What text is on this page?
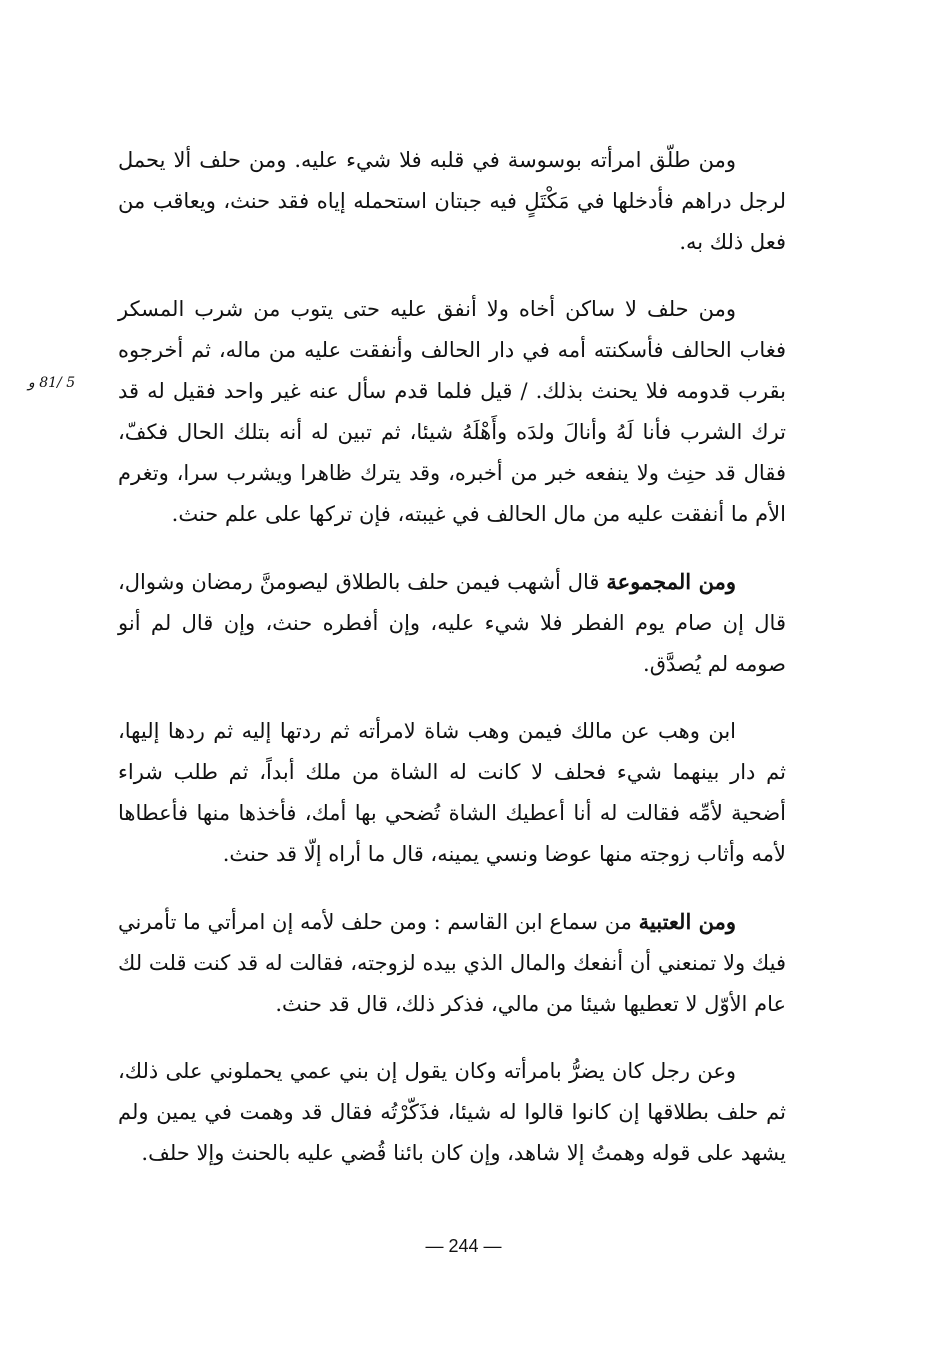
5 /81 و

ومن طلّق امرأته بوسوسة في قلبه فلا شيء عليه. ومن حلف ألا يحمل لرجل دراهم فأدخلها في مَكْتَلٍ فيه جبتان استحمله إياه فقد حنث، ويعاقب من فعل ذلك به.

ومن حلف لا ساكن أخاه ولا أنفق عليه حتى يتوب من شرب المسكر فغاب الحالف فأسكنته أمه في دار الحالف وأنفقت عليه من ماله، ثم أخرجوه بقرب قدومه فلا يحنث بذلك. / قيل فلما قدم سأل عنه غير واحد فقيل له قد ترك الشرب فأنا لَهُ وأنالَ ولدَه وأَهْلَهُ شيئا، ثم تبين له أنه بتلك الحال فكفّ، فقال قد حنِث ولا ينفعه خبر من أخبره، وقد يترك ظاهرا ويشرب سرا، وتغرم الأم ما أنفقت عليه من مال الحالف في غيبته، فإن تركها على علم حنث.

ومن المجموعة قال أشهب فيمن حلف بالطلاق ليصومنَّ رمضان وشوال، قال إن صام يوم الفطر فلا شيء عليه، وإن أفطره حنث، وإن قال لم أنو صومه لم يُصدَّق.

ابن وهب عن مالك فيمن وهب شاة لامرأته ثم ردتها إليه ثم ردها إليها، ثم دار بينهما شيء فحلف لا كانت له الشاة من ملك أبداً، ثم طلب شراء أضحية لأمِّه فقالت له أنا أعطيك الشاة تُضحي بها أمك، فأخذها منها فأعطاها لأمه وأثاب زوجته منها عوضا ونسي يمينه، قال ما أراه إلّا قد حنث.

ومن العتبية من سماع ابن القاسم : ومن حلف لأمه إن امرأتي ما تأمرني فيك ولا تمنعني أن أنفعك والمال الذي بيده لزوجته، فقالت له قد كنت قلت لك عام الأوّل لا تعطيها شيئا من مالي، فذكر ذلك، قال قد حنث.

وعن رجل كان يضرُّ بامرأته وكان يقول إن بني عمي يحملوني على ذلك، ثم حلف بطلاقها إن كانوا قالوا له شيئا، فذَكّرْتُه فقال قد وهمت في يمين ولم يشهد على قوله وهمتُ إلا شاهد، وإن كان بائنا قُضي عليه بالحنث وإلا حلف.

— 244 —
